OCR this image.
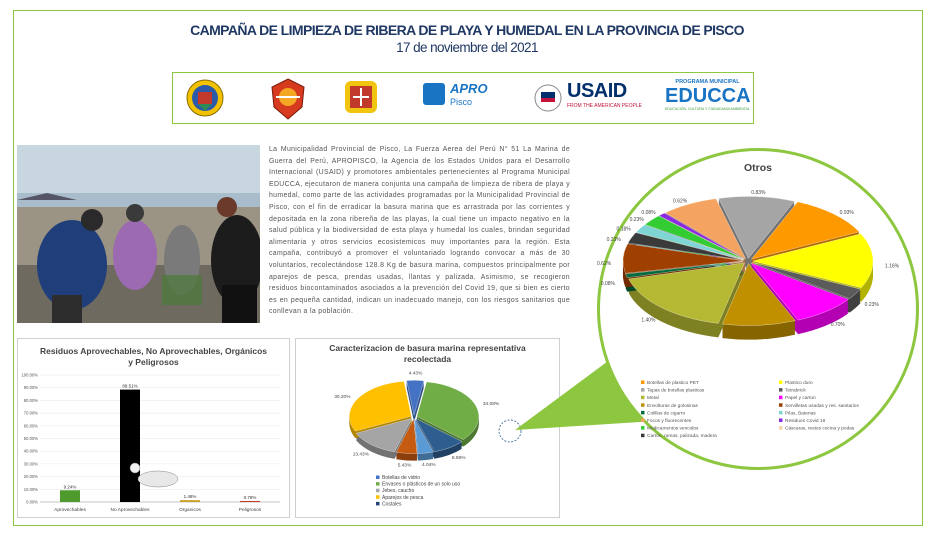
CAMPAÑA DE LIMPIEZA DE RIBERA DE PLAYA Y HUMEDAL EN LA PROVINCIA DE PISCO
17 de noviembre del 2021
APRO
Pisco	USAID
FROM THE AMERICAN PEOPLE
PROGRAMA MUNICIPAL
EDUCCA
EDUCACIÓN, CULTURA Y CIUDADANÍA AMBIENTAL
La Municipalidad Provincial de Pisco, La Fuerza Aerea del Perú N° 51 La Marina de Guerra del Perú, APROPISCO, la Agencia de los Estados Unidos para el Desarrollo Internacional (USAID) y promotores ambientales pertenecientes al Programa Municipal EDUCCA, ejecutaron de manera conjunta una campaña de limpieza de ribera de playa y humedal, como parte de las actividades programadas por la Municipalidad Provincial de Pisco, con el fin de erradicar la basura marina que es arrastrada por las corrientes y depositada en la zona ribereña de las playas, la cual tiene un impacto negativo en la salud pública y la biodiversidad de esta playa y humedal los cuales, brindan seguridad alimentaria y otros servicios ecosistemicos muy importantes para la región. Esta campaña, contribuyó a promover el voluntariado logrando convocar a más de 30 voluntarios, recolectándose 128.8 Kg de basura marina, compuestos principalmente por aparejos de pesca, prendas usadas, llantas y palizada. Asimismo, se recogieron residuos biocontaminados asociados a la prevención del Covid 19, que si bien es cierto es en pequeña cantidad, indican un inadecuado manejo, con los riesgos sanitarios que conllevan a la población.
Residuos Aprovechables, No Aprovechables, Orgánicos y Peligrosos
0.00%
10.00%
20.00%
30.00%
40.00%
50.00%
60.00%
70.00%
80.00%
90.00%
100.00%
9.24%
Aprovechables
88.51%
No Aprovechables
1.48%
Organicos
0.78%
Peligrosos
Caracterizacion de basura marina representativa recolectada
4.43%
34.08%
8.59%
4.04%
5.43%
13.43%
30.20%
Botellas de vidrio
Envases o plásticos de un solo uso
Jebes, caucho
Aparejos de pesca
Costales
Otros
0.83%
0.93%
1.16%
0.23%
0.70%
1.40%
0.08%
0.62%
0.23%
0.18%
0.23%
0.08%
0.62%
Botellas de plastico PET	Plastico duro
Tapas de botellas plasticas	Tetrabrick
Metal	Papel y carton
Envolturas de golosinas	Servilletas usadas y res. sanitarios
Colillas de cigarro	Pilas, Baterias
Focos y fluorecentes	Residuos Covid 19
Medicamentos vencidos	Cáscaras, restos cocina y podas
Cartón, ramas, palizada, madera
